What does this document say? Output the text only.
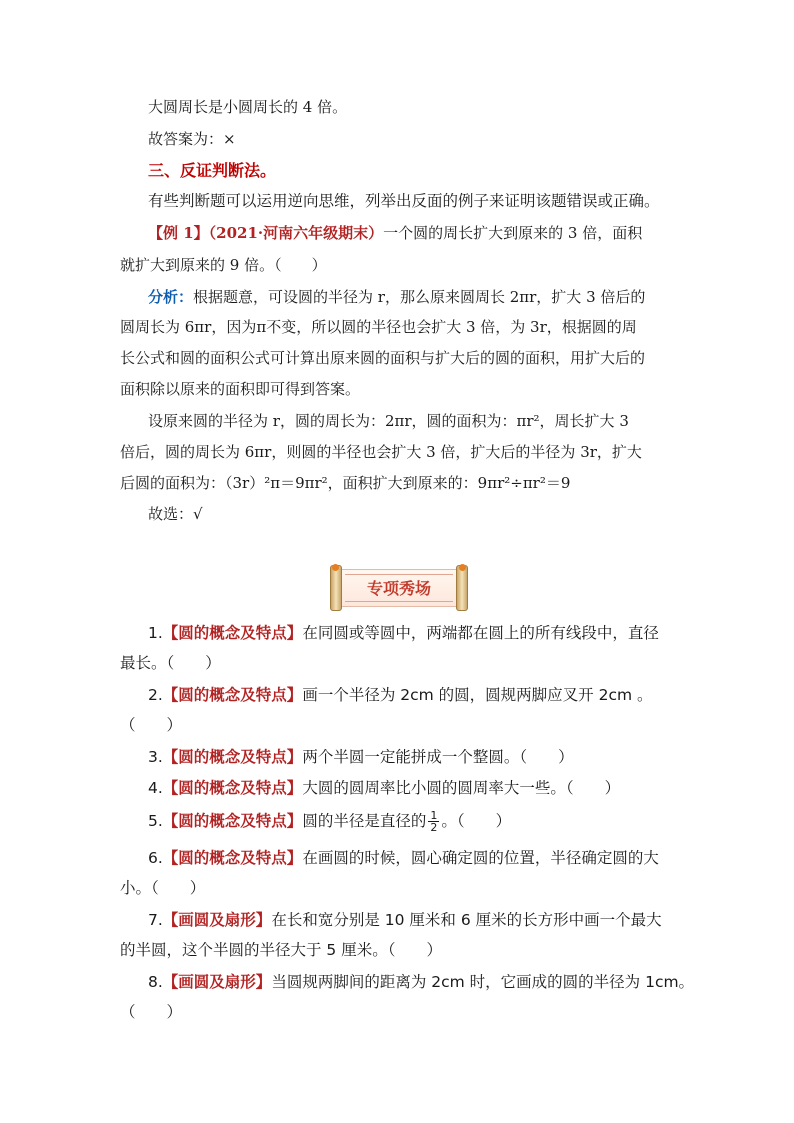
大圆周长是小圆周长的 4 倍。
故答案为：×
三、反证判断法。
有些判断题可以运用逆向思维，列举出反面的例子来证明该题错误或正确。
【例 1】（2021·河南六年级期末）一个圆的周长扩大到原来的 3 倍，面积
就扩大到原来的 9 倍。（　　）
分析：根据题意，可设圆的半径为 r，那么原来圆周长 2πr，扩大 3 倍后的
圆周长为 6πr，因为π不变，所以圆的半径也会扩大 3 倍，为 3r，根据圆的周
长公式和圆的面积公式可计算出原来圆的面积与扩大后的圆的面积，用扩大后的
面积除以原来的面积即可得到答案。
设原来圆的半径为 r，圆的周长为：2πr，圆的面积为：πr²，周长扩大 3
倍后，圆的周长为 6πr，则圆的半径也会扩大 3 倍，扩大后的半径为 3r，扩大
后圆的面积为：（3r）²π＝9πr²，面积扩大到原来的：9πr²÷πr²＝9
故选：√
专项秀场
1.【圆的概念及特点】在同圆或等圆中，两端都在圆上的所有线段中，直径
最长。（　　）
2.【圆的概念及特点】画一个半径为 2cm 的圆，圆规两脚应叉开 2cm 。
（　　）
3.【圆的概念及特点】两个半圆一定能拼成一个整圆。（　　）
4.【圆的概念及特点】大圆的圆周率比小圆的圆周率大一些。（　　）
5.【圆的概念及特点】圆的半径是直径的 $\frac{1}{2}$ 。（　　）
6.【圆的概念及特点】在画圆的时候，圆心确定圆的位置，半径确定圆的大
小。（　　）
7.【画圆及扇形】在长和宽分别是 10 厘米和 6 厘米的长方形中画一个最大
的半圆，这个半圆的半径大于 5 厘米。（　　）
8.【画圆及扇形】当圆规两脚间的距离为 2cm 时，它画成的圆的半径为 1cm。
（　　）
